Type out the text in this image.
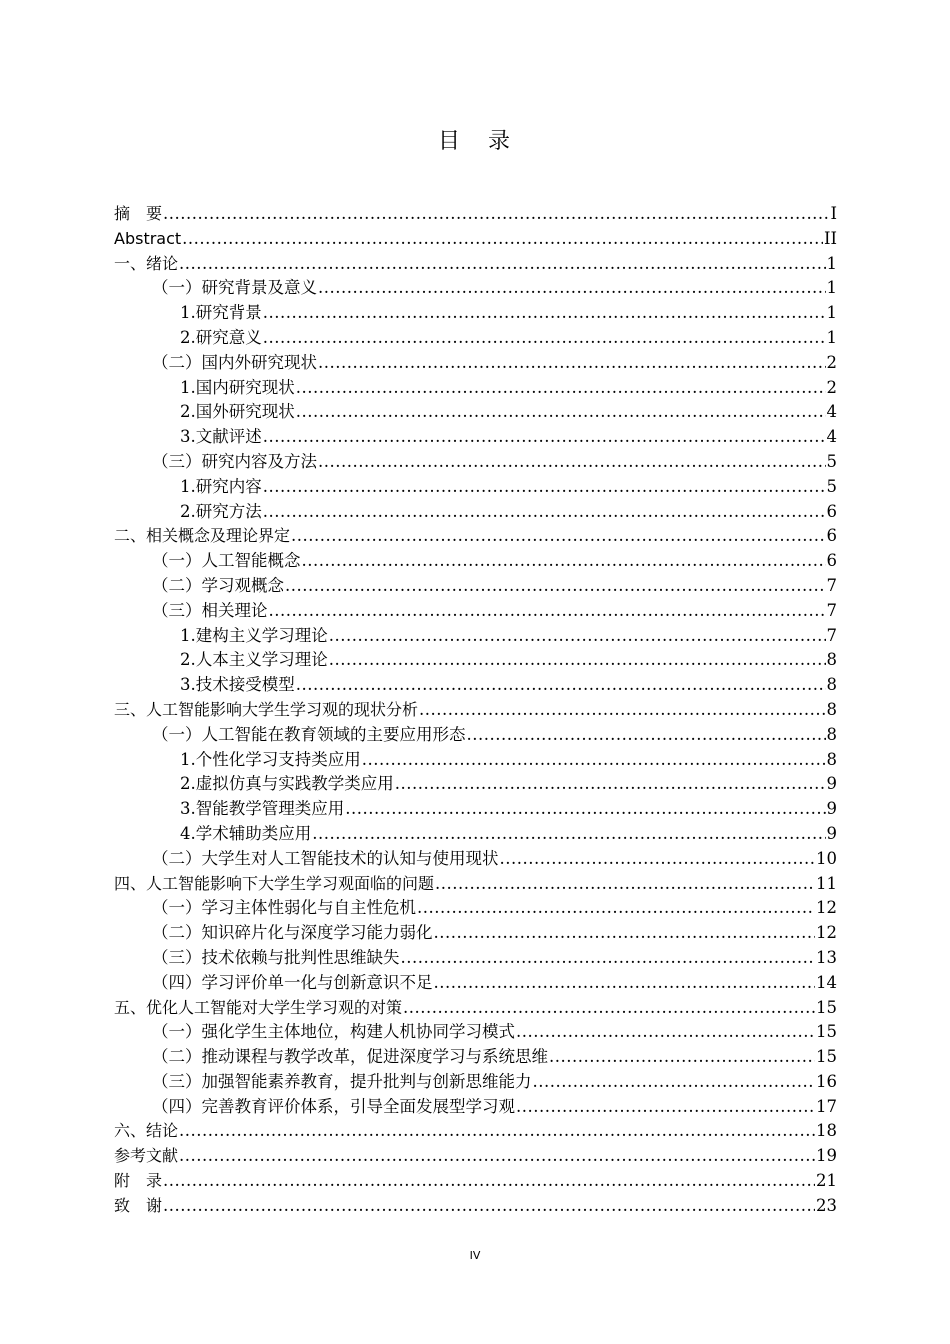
目 录
摘　要 .....	I
Abstract .....	II
一、绪论 .....	1
（一）研究背景及意义 .....	1
1.研究背景 .....	1
2.研究意义 .....	1
（二）国内外研究现状 .....	2
1.国内研究现状 .....	2
2.国外研究现状 .....	4
3.文献评述 .....	4
（三）研究内容及方法 .....	5
1.研究内容 .....	5
2.研究方法 .....	6
二、相关概念及理论界定 .....	6
（一）人工智能概念 .....	6
（二）学习观概念 .....	7
（三）相关理论 .....	7
1.建构主义学习理论 .....	7
2.人本主义学习理论 .....	8
3.技术接受模型 .....	8
三、人工智能影响大学生学习观的现状分析 .....	8
（一）人工智能在教育领域的主要应用形态 .....	8
1.个性化学习支持类应用 .....	8
2.虚拟仿真与实践教学类应用 .....	9
3.智能教学管理类应用 .....	9
4.学术辅助类应用 .....	9
（二）大学生对人工智能技术的认知与使用现状 .....	10
四、人工智能影响下大学生学习观面临的问题 .....	11
（一）学习主体性弱化与自主性危机 .....	12
（二）知识碎片化与深度学习能力弱化 .....	12
（三）技术依赖与批判性思维缺失 .....	13
（四）学习评价单一化与创新意识不足 .....	14
五、优化人工智能对大学生学习观的对策 .....	15
（一）强化学生主体地位，构建人机协同学习模式 .....	15
（二）推动课程与教学改革，促进深度学习与系统思维 .....	15
（三）加强智能素养教育，提升批判与创新思维能力 .....	16
（四）完善教育评价体系，引导全面发展型学习观 .....	17
六、结论 .....	18
参考文献 .....	19
附　录 .....	21
致　谢 .....	23
IV
